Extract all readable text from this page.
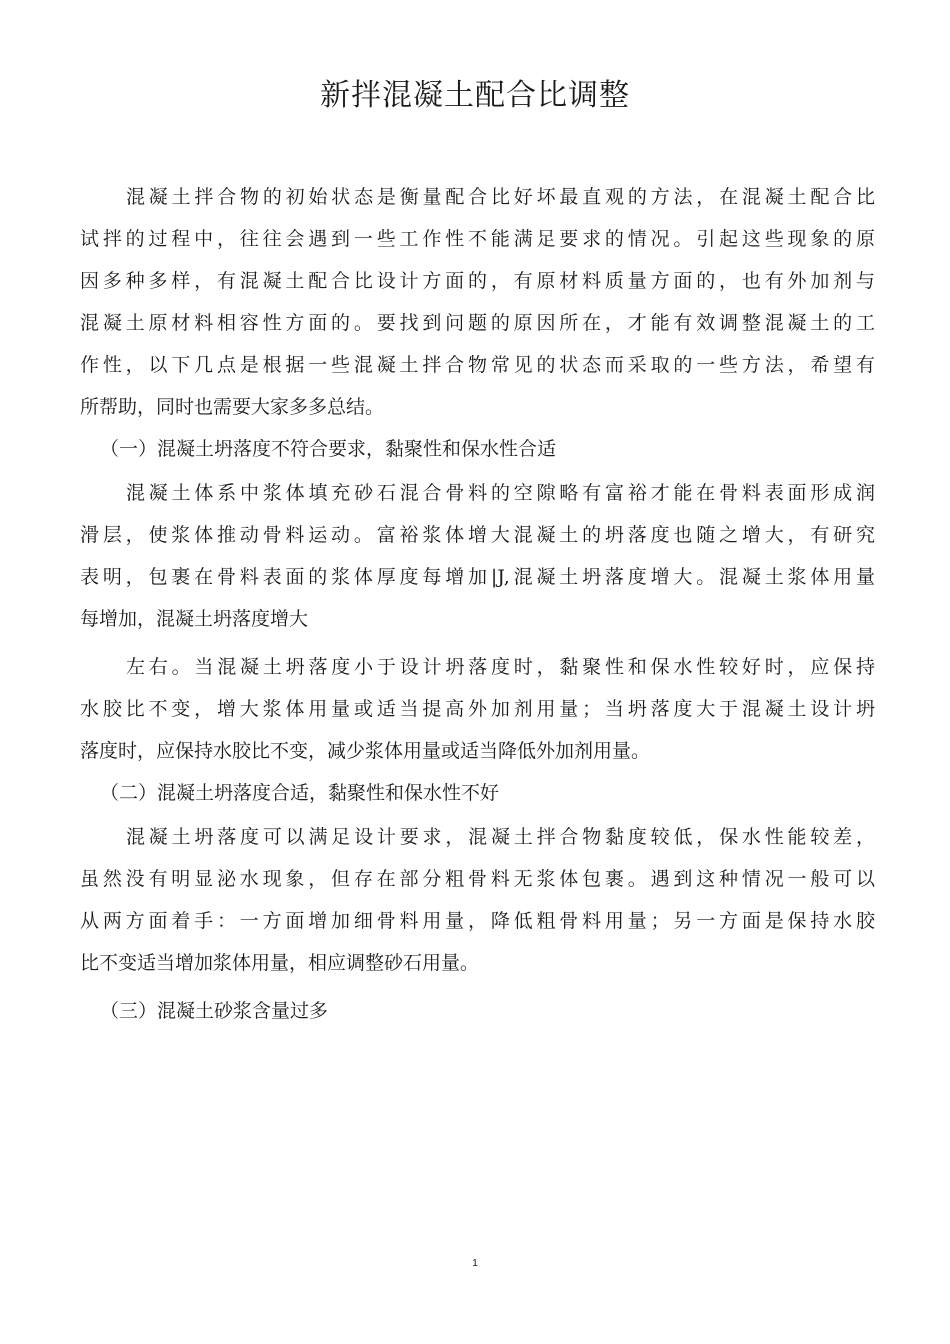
新拌混凝土配合比调整
混凝土拌合物的初始状态是衡量配合比好坏最直观的方法，在混凝土配合比
试拌的过程中，往往会遇到一些工作性不能满足要求的情况。引起这些现象的原
因多种多样，有混凝土配合比设计方面的，有原材料质量方面的，也有外加剂与
混凝土原材料相容性方面的。要找到问题的原因所在，才能有效调整混凝土的工
作性，以下几点是根据一些混凝土拌合物常见的状态而采取的一些方法，希望有
所帮助，同时也需要大家多多总结。
（一）混凝土坍落度不符合要求，黏聚性和保水性合适
混凝土体系中浆体填充砂石混合骨料的空隙略有富裕才能在骨料表面形成润
滑层，使浆体推动骨料运动。富裕浆体增大混凝土的坍落度也随之增大，有研究
表明，包裹在骨料表面的浆体厚度每增加|J,混凝土坍落度增大。混凝土浆体用量
每增加，混凝土坍落度增大
左右。当混凝土坍落度小于设计坍落度时，黏聚性和保水性较好时，应保持
水胶比不变，增大浆体用量或适当提高外加剂用量；当坍落度大于混凝土设计坍
落度时，应保持水胶比不变，减少浆体用量或适当降低外加剂用量。
（二）混凝土坍落度合适，黏聚性和保水性不好
混凝土坍落度可以满足设计要求，混凝土拌合物黏度较低，保水性能较差，
虽然没有明显泌水现象，但存在部分粗骨料无浆体包裹。遇到这种情况一般可以
从两方面着手：一方面增加细骨料用量，降低粗骨料用量；另一方面是保持水胶
比不变适当增加浆体用量，相应调整砂石用量。
（三）混凝土砂浆含量过多
1
